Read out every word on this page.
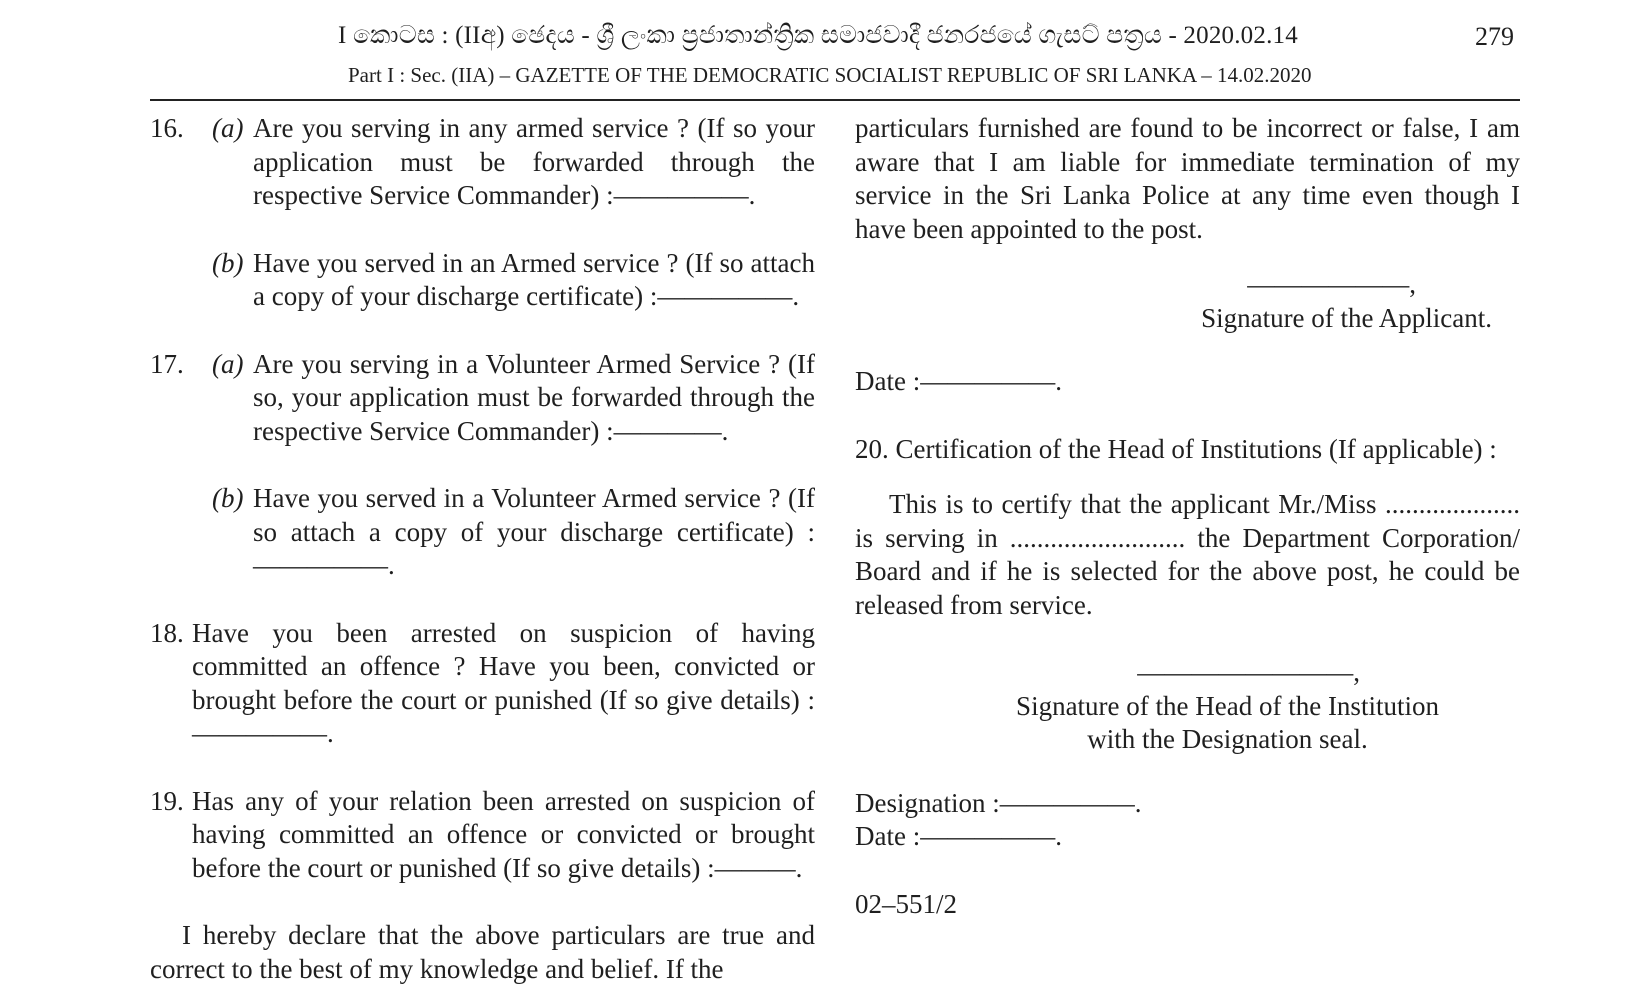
I කොටස : (IIඅ) ඡෙදය - ශ්‍රී ලංකා ප්‍රජාතාන්ත්‍රික සමාජවාදී ජනරජයේ ගැසට් පත්‍රය - 2020.02.14	279
Part I : Sec. (IIA) – GAZETTE OF THE DEMOCRATIC SOCIALIST REPUBLIC OF SRI LANKA – 14.02.2020
16. (a) Are you serving in any armed service ? (If so your application must be forwarded through the respective Service Commander) :—————.

(b) Have you served in an Armed service ? (If so attach a copy of your discharge certificate) :—————.

17. (a) Are you serving in a Volunteer Armed Service ? (If so, your application must be forwarded through the respective Service Commander) :————.

(b) Have you served in a Volunteer Armed service ? (If so attach a copy of your discharge certificate) :—————.

18. Have you been arrested on suspicion of having committed an offence ? Have you been, convicted or brought before the court or punished (If so give details) :—————.

19. Has any of your relation been arrested on suspicion of having committed an offence or convicted or brought before the court or punished (If so give details) :———.

I hereby declare that the above particulars are true and correct to the best of my knowledge and belief. If the

particulars furnished are found to be incorrect or false, I am aware that I am liable for immediate termination of my service in the Sri Lanka Police at any time even though I have been appointed to the post.

——————,
Signature of the Applicant.

Date :—————.

20. Certification of the Head of Institutions (If applicable) :

This is to certify that the applicant Mr./Miss .................... is serving in .......................... the Department Corporation/ Board and if he is selected for the above post, he could be released from service.

————————,
Signature of the Head of the Institution
with the Designation seal.

Designation :—————.

Date :—————.

02–551/2
